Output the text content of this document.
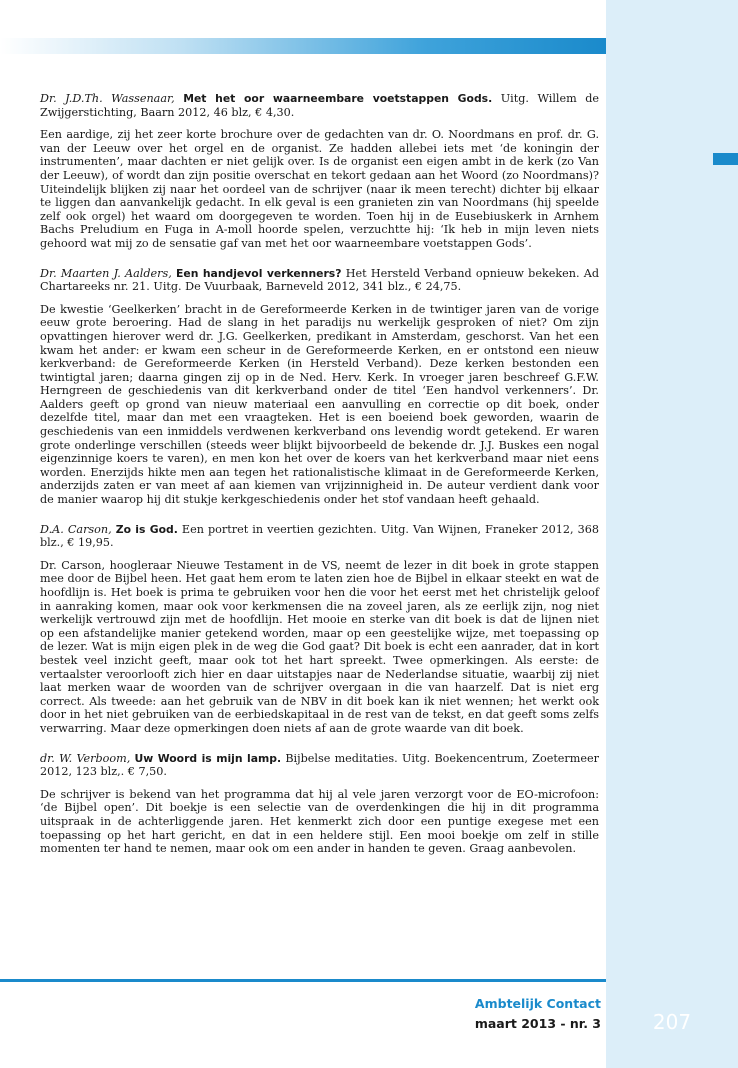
Dr. J.D.Th. Wassenaar, Met het oor waarneembare voetstappen Gods. Uitg. Willem de Zwijgerstichting, Baarn 2012, 46 blz, € 4,30.

Een aardige, zij het zeer korte brochure over de gedachten van dr. O. Noordmans en prof. dr. G. van der Leeuw over het orgel en de organist. Ze hadden allebei iets met ‘de koningin der instrumenten’, maar dachten er niet gelijk over. Is de organist een eigen ambt in de kerk (zo Van der Leeuw), of wordt dan zijn positie overschat en tekort gedaan aan het Woord (zo Noordmans)? Uiteindelijk blijken zij naar het oordeel van de schrijver (naar ik meen terecht) dichter bij elkaar te liggen dan aanvankelijk gedacht. In elk geval is een granieten zin van Noordmans (hij speelde zelf ook orgel) het waard om doorgegeven te worden. Toen hij in de Eusebiuskerk in Arnhem Bachs Preludium en Fuga in A-moll hoorde spelen, verzuchtte hij: ‘Ik heb in mijn leven niets gehoord wat mij zo de sensatie gaf van met het oor waarneembare voetstappen Gods’.

Dr. Maarten J. Aalders, Een handjevol verkenners? Het Hersteld Verband opnieuw bekeken. Ad Chartareeks nr. 21. Uitg. De Vuurbaak, Barneveld 2012, 341 blz., € 24,75.

De kwestie ‘Geelkerken’ bracht in de Gereformeerde Kerken in de twintiger jaren van de vorige eeuw grote beroering. Had de slang in het paradijs nu werkelijk gesproken of niet? Om zijn opvattingen hierover werd dr. J.G. Geelkerken, predikant in Amsterdam, geschorst. Van het een kwam het ander: er kwam een scheur in de Gereformeerde Kerken, en er ontstond een nieuw kerkverband: de Gereformeerde Kerken (in Hersteld Verband). Deze kerken bestonden een twintigtal jaren; daarna gingen zij op in de Ned. Herv. Kerk. In vroeger jaren beschreef G.F.W. Herngreen de geschiedenis van dit kerkverband onder de titel ‘Een handvol verkenners’. Dr. Aalders geeft op grond van nieuw materiaal een aanvulling en correctie op dit boek, onder dezelfde titel, maar dan met een vraagteken. Het is een boeiend boek geworden, waarin de geschiedenis van een inmiddels verdwenen kerkverband ons levendig wordt getekend. Er waren grote onderlinge verschillen (steeds weer blijkt bijvoorbeeld de bekende dr. J.J. Buskes een nogal eigenzinnige koers te varen), en men kon het over de koers van het kerkverband maar niet eens worden. Enerzijds hikte men aan tegen het rationalistische klimaat in de Gereformeerde Kerken, anderzijds zaten er van meet af aan kiemen van vrijzinnigheid in. De auteur verdient dank voor de manier waarop hij dit stukje kerkgeschiedenis onder het stof vandaan heeft gehaald.

D.A. Carson, Zo is God. Een portret in veertien gezichten. Uitg. Van Wijnen, Franeker 2012, 368 blz., € 19,95.

Dr. Carson, hoogleraar Nieuwe Testament in de VS, neemt de lezer in dit boek in grote stappen mee door de Bijbel heen. Het gaat hem erom te laten zien hoe de Bijbel in elkaar steekt en wat de hoofdlijn is. Het boek is prima te gebruiken voor hen die voor het eerst met het christelijk geloof in aanraking komen, maar ook voor kerkmensen die na zoveel jaren, als ze eerlijk zijn, nog niet werkelijk vertrouwd zijn met de hoofdlijn. Het mooie en sterke van dit boek is dat de lijnen niet op een afstandelijke manier getekend worden, maar op een geestelijke wijze, met toepassing op de lezer. Wat is mijn eigen plek in de weg die God gaat? Dit boek is echt een aanrader, dat in kort bestek veel inzicht geeft, maar ook tot het hart spreekt. Twee opmerkingen. Als eerste: de vertaalster veroorlooft zich hier en daar uitstapjes naar de Nederlandse situatie, waarbij zij niet laat merken waar de woorden van de schrijver overgaan in die van haarzelf. Dat is niet erg correct. Als tweede: aan het gebruik van de NBV in dit boek kan ik niet wennen; het werkt ook door in het niet gebruiken van de eerbiedskapitaal in de rest van de tekst, en dat geeft soms zelfs verwarring. Maar deze opmerkingen doen niets af aan de grote waarde van dit boek.

dr. W. Verboom, Uw Woord is mijn lamp. Bijbelse meditaties. Uitg. Boekencentrum, Zoetermeer 2012, 123 blz,. € 7,50.

De schrijver is bekend van het programma dat hij al vele jaren verzorgt voor de EO-microfoon: ‘de Bijbel open’. Dit boekje is een selectie van de overdenkingen die hij in dit programma uitspraak in de achterliggende jaren. Het kenmerkt zich door een puntige exegese met een toepassing op het hart gericht, en dat in een heldere stijl. Een mooi boekje om zelf in stille momenten ter hand te nemen, maar ook om een ander in handen te geven. Graag aanbevolen.

Ambtelijk Contact
maart 2013 - nr. 3	207
